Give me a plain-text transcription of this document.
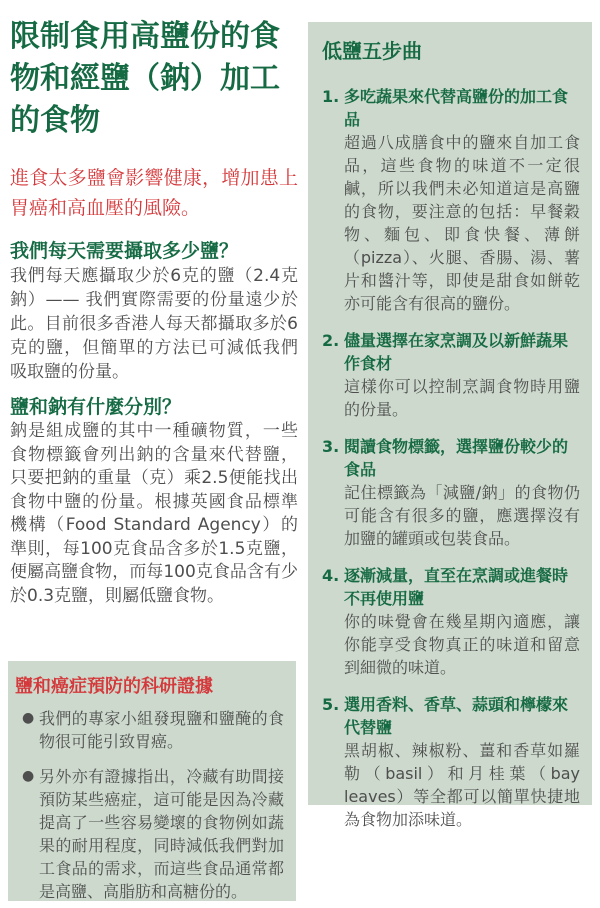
限制食用高鹽份的食物和經鹽（鈉）加工的食物

進食太多鹽會影響健康，增加患上胃癌和高血壓的風險。

我們每天需要攝取多少鹽？

我們每天應攝取少於6克的鹽（2.4克鈉）—— 我們實際需要的份量遠少於此。目前很多香港人每天都攝取多於6克的鹽，但簡單的方法已可減低我們吸取鹽的份量。

鹽和鈉有什麼分別？

鈉是組成鹽的其中一種礦物質，一些食物標籤會列出鈉的含量來代替鹽，只要把鈉的重量（克）乘2.5便能找出食物中鹽的份量。根據英國食品標準機構（Food Standard Agency）的準則，每100克食品含多於1.5克鹽，便屬高鹽食物，而每100克食品含有少於0.3克鹽，則屬低鹽食物。

鹽和癌症預防的科研證據
● 我們的專家小組發現鹽和鹽醃的食物很可能引致胃癌。
● 另外亦有證據指出，冷藏有助間接預防某些癌症，這可能是因為冷藏提高了一些容易變壞的食物例如蔬果的耐用程度，同時減低我們對加工食品的需求，而這些食品通常都是高鹽、高脂肪和高糖份的。
低鹽五步曲
1. 多吃蔬果來代替高鹽份的加工食品
超過八成膳食中的鹽來自加工食品，這些食物的味道不一定很鹹，所以我們未必知道這是高鹽的食物，要注意的包括：早餐穀物、麵包、即食快餐、薄餅（pizza）、火腿、香腸、湯、薯片和醬汁等，即使是甜食如餅乾亦可能含有很高的鹽份。
2. 儘量選擇在家烹調及以新鮮蔬果作食材
這樣你可以控制烹調食物時用鹽的份量。
3. 閱讀食物標籤，選擇鹽份較少的食品
記住標籤為「減鹽/鈉」的食物仍可能含有很多的鹽，應選擇沒有加鹽的罐頭或包裝食品。
4. 逐漸減量，直至在烹調或進餐時不再使用鹽
你的味覺會在幾星期內適應，讓你能享受食物真正的味道和留意到細微的味道。
5. 選用香料、香草、蒜頭和檸檬來代替鹽
黑胡椒、辣椒粉、薑和香草如羅勒（basil）和月桂葉（bay leaves）等全都可以簡單快捷地為食物加添味道。
